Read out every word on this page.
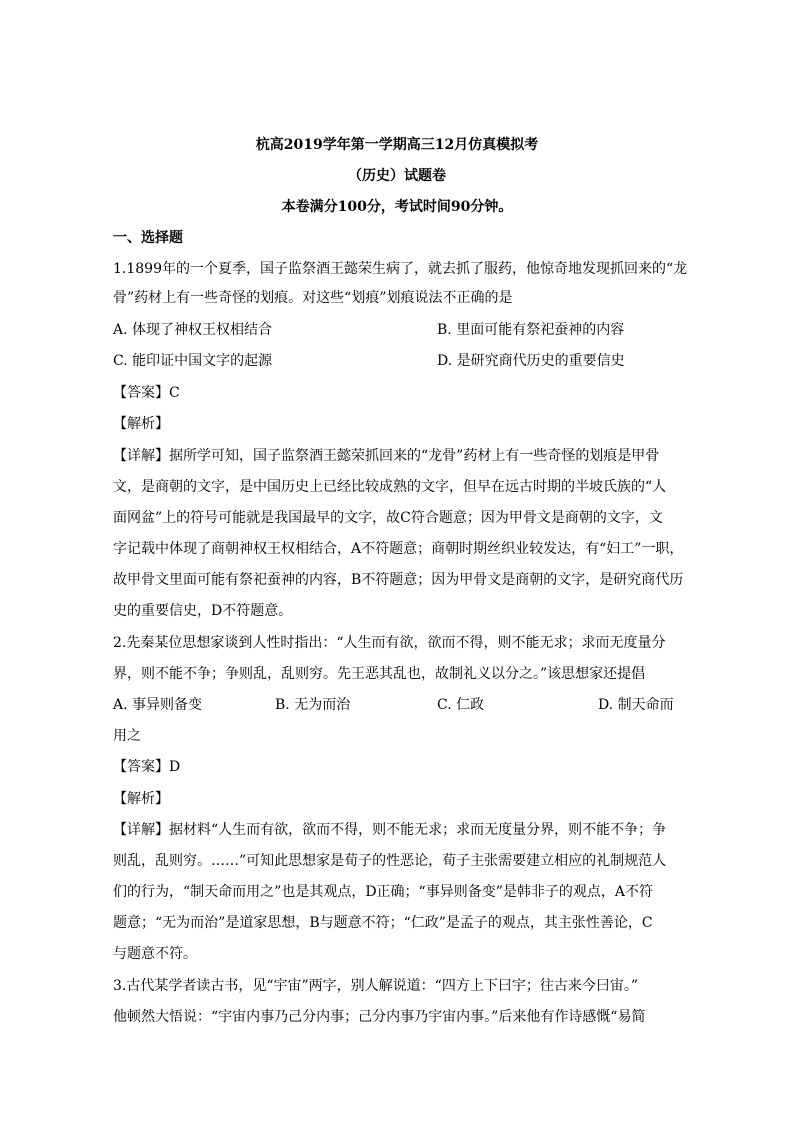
杭高2019学年第一学期高三12月仿真模拟考
（历史）试题卷
本卷满分100分，考试时间90分钟。
一、选择题
1.1899年的一个夏季，国子监祭酒王懿荣生病了，就去抓了服药，他惊奇地发现抓回来的“龙
骨”药材上有一些奇怪的划痕。对这些“划痕”划痕说法不正确的是
A. 体现了神权王权相结合	B. 里面可能有祭祀蚕神的内容
C. 能印证中国文字的起源	D. 是研究商代历史的重要信史
【答案】C
【解析】
【详解】据所学可知，国子监祭酒王懿荣抓回来的“龙骨”药材上有一些奇怪的划痕是甲骨
文，是商朝的文字，是中国历史上已经比较成熟的文字，但早在远古时期的半坡氏族的“人
面网盆”上的符号可能就是我国最早的文字，故C符合题意；因为甲骨文是商朝的文字，文
字记载中体现了商朝神权王权相结合，A不符题意；商朝时期丝织业较发达，有“妇工”一职，
故甲骨文里面可能有祭祀蚕神的内容，B不符题意；因为甲骨文是商朝的文字，是研究商代历
史的重要信史，D不符题意。
2.先秦某位思想家谈到人性时指出：“人生而有欲，欲而不得，则不能无求；求而无度量分
界，则不能不争；争则乱，乱则穷。先王恶其乱也，故制礼义以分之。”该思想家还提倡
A. 事异则备变	B. 无为而治	C. 仁政	D. 制天命而
用之
【答案】D
【解析】
【详解】据材料“人生而有欲，欲而不得，则不能无求；求而无度量分界，则不能不争；争
则乱，乱则穷。……”可知此思想家是荀子的性恶论，荀子主张需要建立相应的礼制规范人
们的行为，“制天命而用之”也是其观点，D正确；“事异则备变”是韩非子的观点，A不符
题意；“无为而治”是道家思想，B与题意不符；“仁政”是孟子的观点，其主张性善论，C
与题意不符。
3.古代某学者读古书，见“宇宙”两字，别人解说道：“四方上下曰宇；往古来今曰宙。”
他顿然大悟说：“宇宙内事乃己分内事；己分内事乃宇宙内事。”后来他有作诗感慨“易简
